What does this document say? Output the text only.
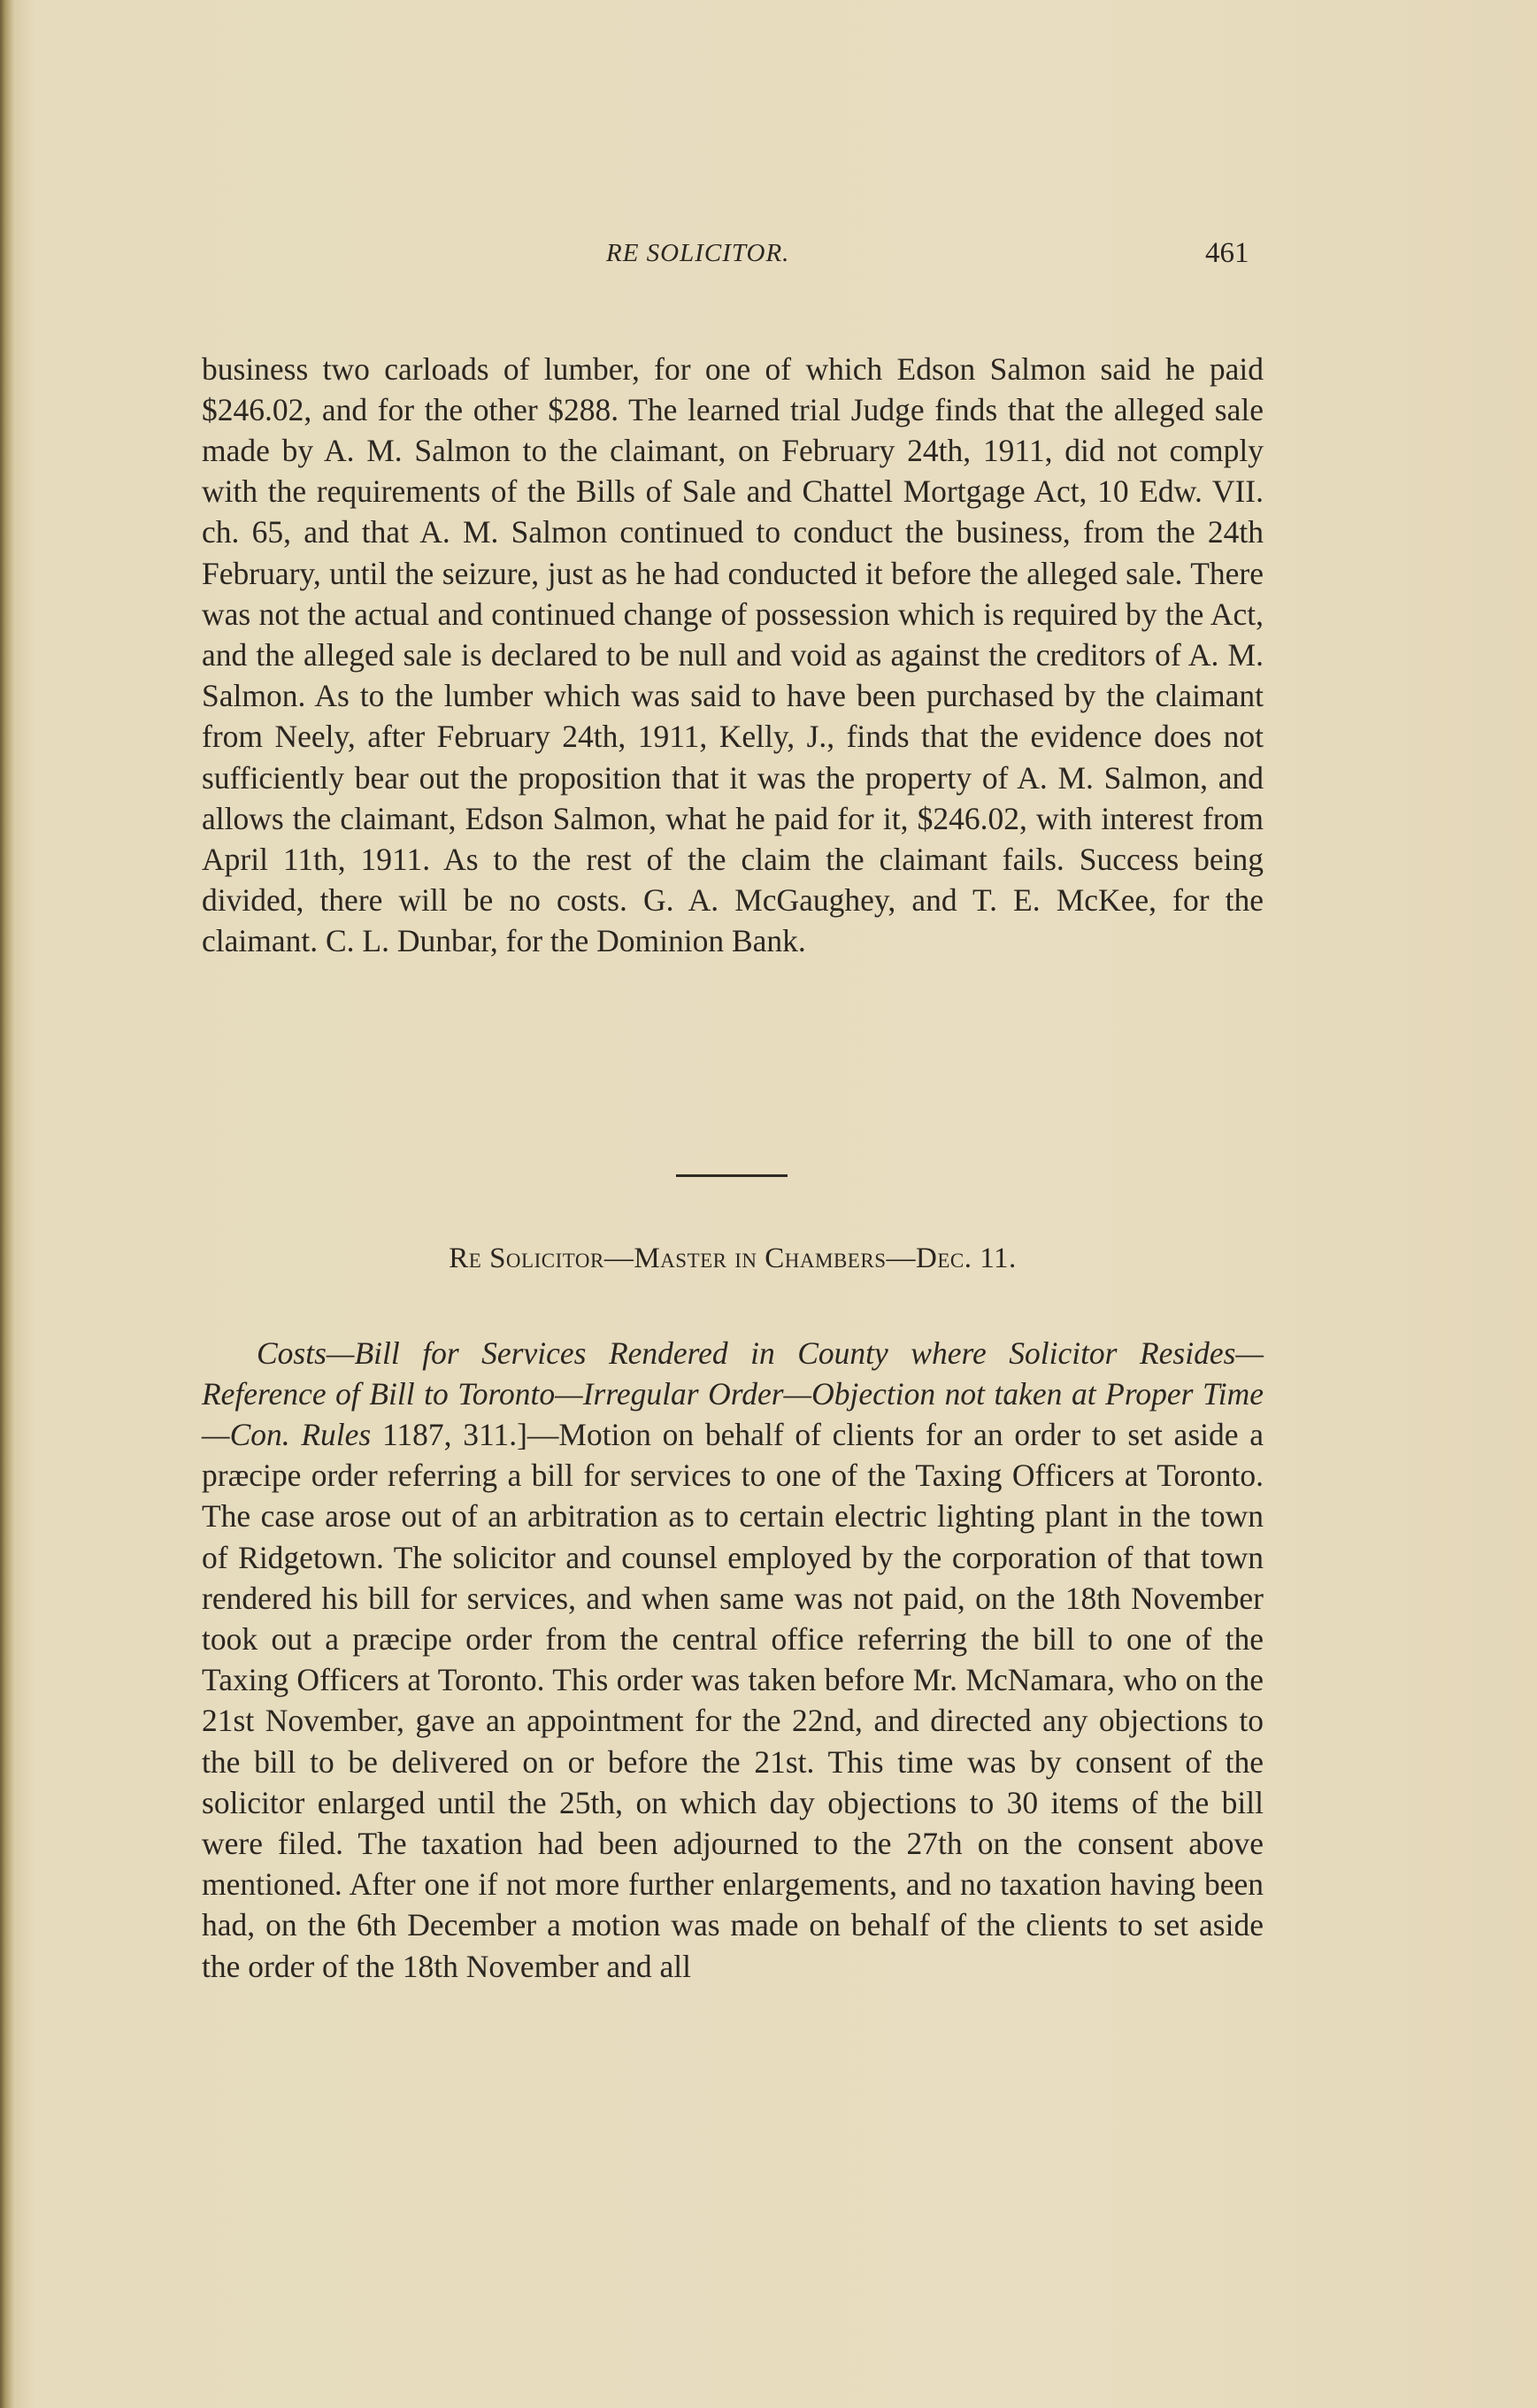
RE SOLICITOR.	461

business two carloads of lumber, for one of which Edson Salmon said he paid $246.02, and for the other $288. The learned trial Judge finds that the alleged sale made by A. M. Salmon to the claimant, on February 24th, 1911, did not comply with the requirements of the Bills of Sale and Chattel Mortgage Act, 10 Edw. VII. ch. 65, and that A. M. Salmon continued to conduct the business, from the 24th February, until the seizure, just as he had conducted it before the alleged sale. There was not the actual and continued change of possession which is required by the Act, and the alleged sale is declared to be null and void as against the creditors of A. M. Salmon. As to the lumber which was said to have been purchased by the claimant from Neely, after February 24th, 1911, Kelly, J., finds that the evidence does not sufficiently bear out the proposition that it was the property of A. M. Salmon, and allows the claimant, Edson Salmon, what he paid for it, $246.02, with interest from April 11th, 1911. As to the rest of the claim the claimant fails. Success being divided, there will be no costs. G. A. McGaughey, and T. E. McKee, for the claimant. C. L. Dunbar, for the Dominion Bank.

Re Solicitor—Master in Chambers—Dec. 11.

Costs—Bill for Services Rendered in County where Solicitor Resides—Reference of Bill to Toronto—Irregular Order—Objection not taken at Proper Time—Con. Rules 1187, 311.]—Motion on behalf of clients for an order to set aside a præcipe order referring a bill for services to one of the Taxing Officers at Toronto. The case arose out of an arbitration as to certain electric lighting plant in the town of Ridgetown. The solicitor and counsel employed by the corporation of that town rendered his bill for services, and when same was not paid, on the 18th November took out a præcipe order from the central office referring the bill to one of the Taxing Officers at Toronto. This order was taken before Mr. McNamara, who on the 21st November, gave an appointment for the 22nd, and directed any objections to the bill to be delivered on or before the 21st. This time was by consent of the solicitor enlarged until the 25th, on which day objections to 30 items of the bill were filed. The taxation had been adjourned to the 27th on the consent above mentioned. After one if not more further enlargements, and no taxation having been had, on the 6th December a motion was made on behalf of the clients to set aside the order of the 18th November and all
